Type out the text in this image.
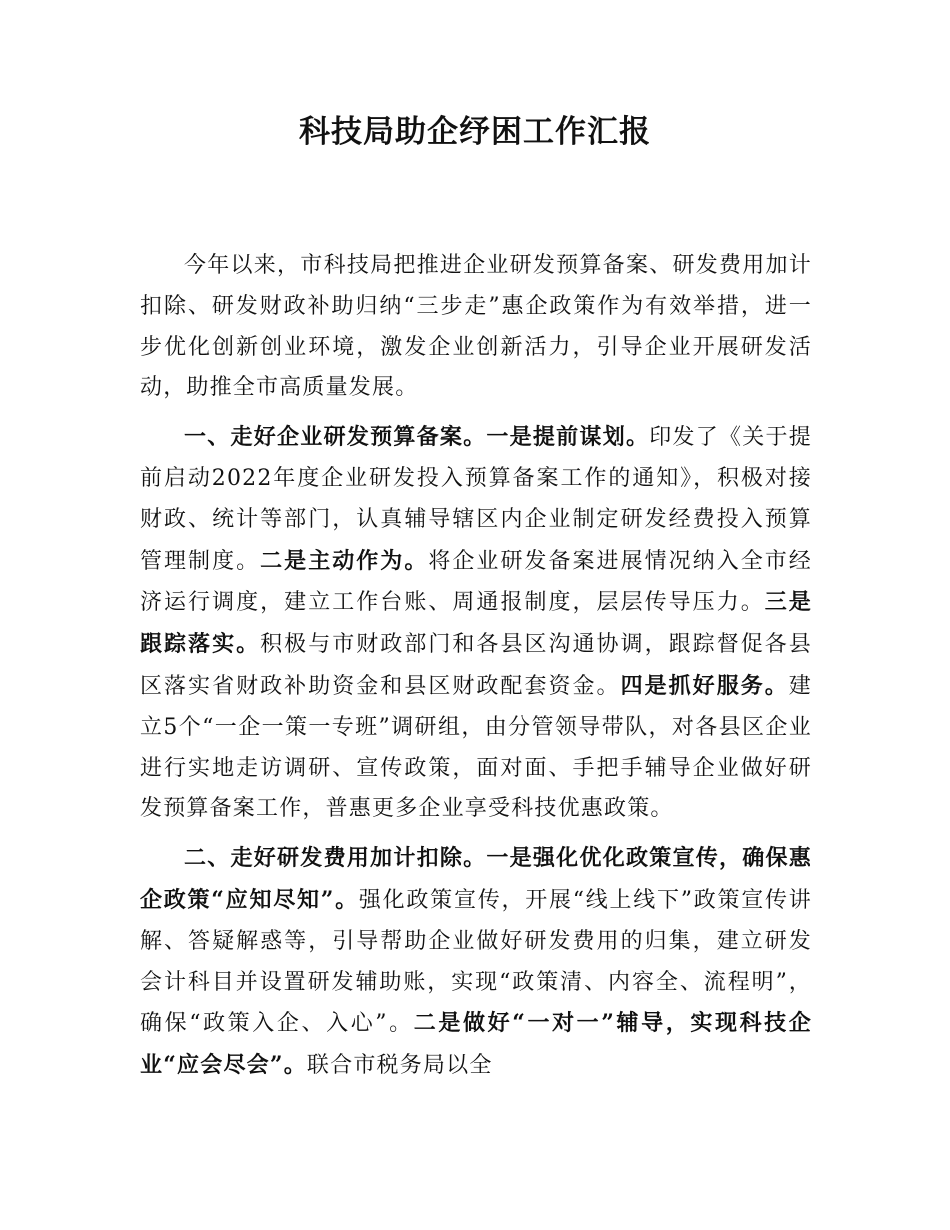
科技局助企纾困工作汇报

今年以来，市科技局把推进企业研发预算备案、研发费用加计扣除、研发财政补助归纳“三步走”惠企政策作为有效举措，进一步优化创新创业环境，激发企业创新活力，引导企业开展研发活动，助推全市高质量发展。

一、走好企业研发预算备案。一是提前谋划。印发了《关于提前启动2022年度企业研发投入预算备案工作的通知》，积极对接财政、统计等部门，认真辅导辖区内企业制定研发经费投入预算管理制度。二是主动作为。将企业研发备案进展情况纳入全市经济运行调度，建立工作台账、周通报制度，层层传导压力。三是跟踪落实。积极与市财政部门和各县区沟通协调，跟踪督促各县区落实省财政补助资金和县区财政配套资金。四是抓好服务。建立5个“一企一策一专班”调研组，由分管领导带队，对各县区企业进行实地走访调研、宣传政策，面对面、手把手辅导企业做好研发预算备案工作，普惠更多企业享受科技优惠政策。

二、走好研发费用加计扣除。一是强化优化政策宣传，确保惠企政策“应知尽知”。强化政策宣传，开展“线上线下”政策宣传讲解、答疑解惑等，引导帮助企业做好研发费用的归集，建立研发会计科目并设置研发辅助账，实现“政策清、内容全、流程明”，确保“政策入企、入心”。二是做好“一对一”辅导，实现科技企业“应会尽会”。联合市税务局以全
